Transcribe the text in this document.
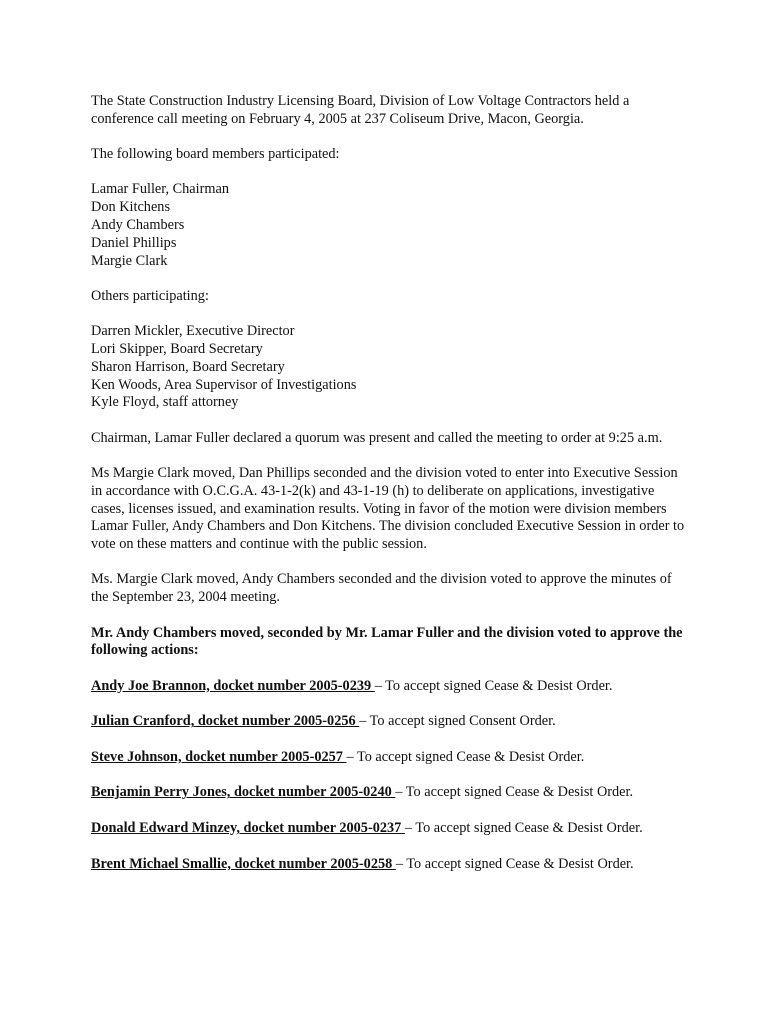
The State Construction Industry Licensing Board, Division of Low Voltage Contractors held a conference call meeting on February 4, 2005 at 237 Coliseum Drive, Macon, Georgia.

The following board members participated:

Lamar Fuller, Chairman
Don Kitchens
Andy Chambers
Daniel Phillips
Margie Clark

Others participating:

Darren Mickler, Executive Director
Lori Skipper, Board Secretary
Sharon Harrison, Board Secretary
Ken Woods, Area Supervisor of Investigations
Kyle Floyd, staff attorney

Chairman, Lamar Fuller declared a quorum was present and called the meeting to order at 9:25 a.m.

Ms Margie Clark moved, Dan Phillips seconded and the division voted to enter into Executive Session in accordance with O.C.G.A. 43-1-2(k) and 43-1-19 (h) to deliberate on applications, investigative cases, licenses issued, and examination results. Voting in favor of the motion were division members Lamar Fuller, Andy Chambers and Don Kitchens. The division concluded Executive Session in order to vote on these matters and continue with the public session.

Ms. Margie Clark moved, Andy Chambers seconded and the division voted to approve the minutes of the September 23, 2004 meeting.

Mr. Andy Chambers moved, seconded by Mr. Lamar Fuller and the division voted to approve the following actions:

Andy Joe Brannon, docket number 2005-0239 – To accept signed Cease & Desist Order.

Julian Cranford, docket number 2005-0256 – To accept signed Consent Order.

Steve Johnson, docket number 2005-0257 – To accept signed Cease & Desist Order.

Benjamin Perry Jones, docket number 2005-0240 – To accept signed Cease & Desist Order.

Donald Edward Minzey, docket number 2005-0237 – To accept signed Cease & Desist Order.

Brent Michael Smallie, docket number 2005-0258 – To accept signed Cease & Desist Order.
